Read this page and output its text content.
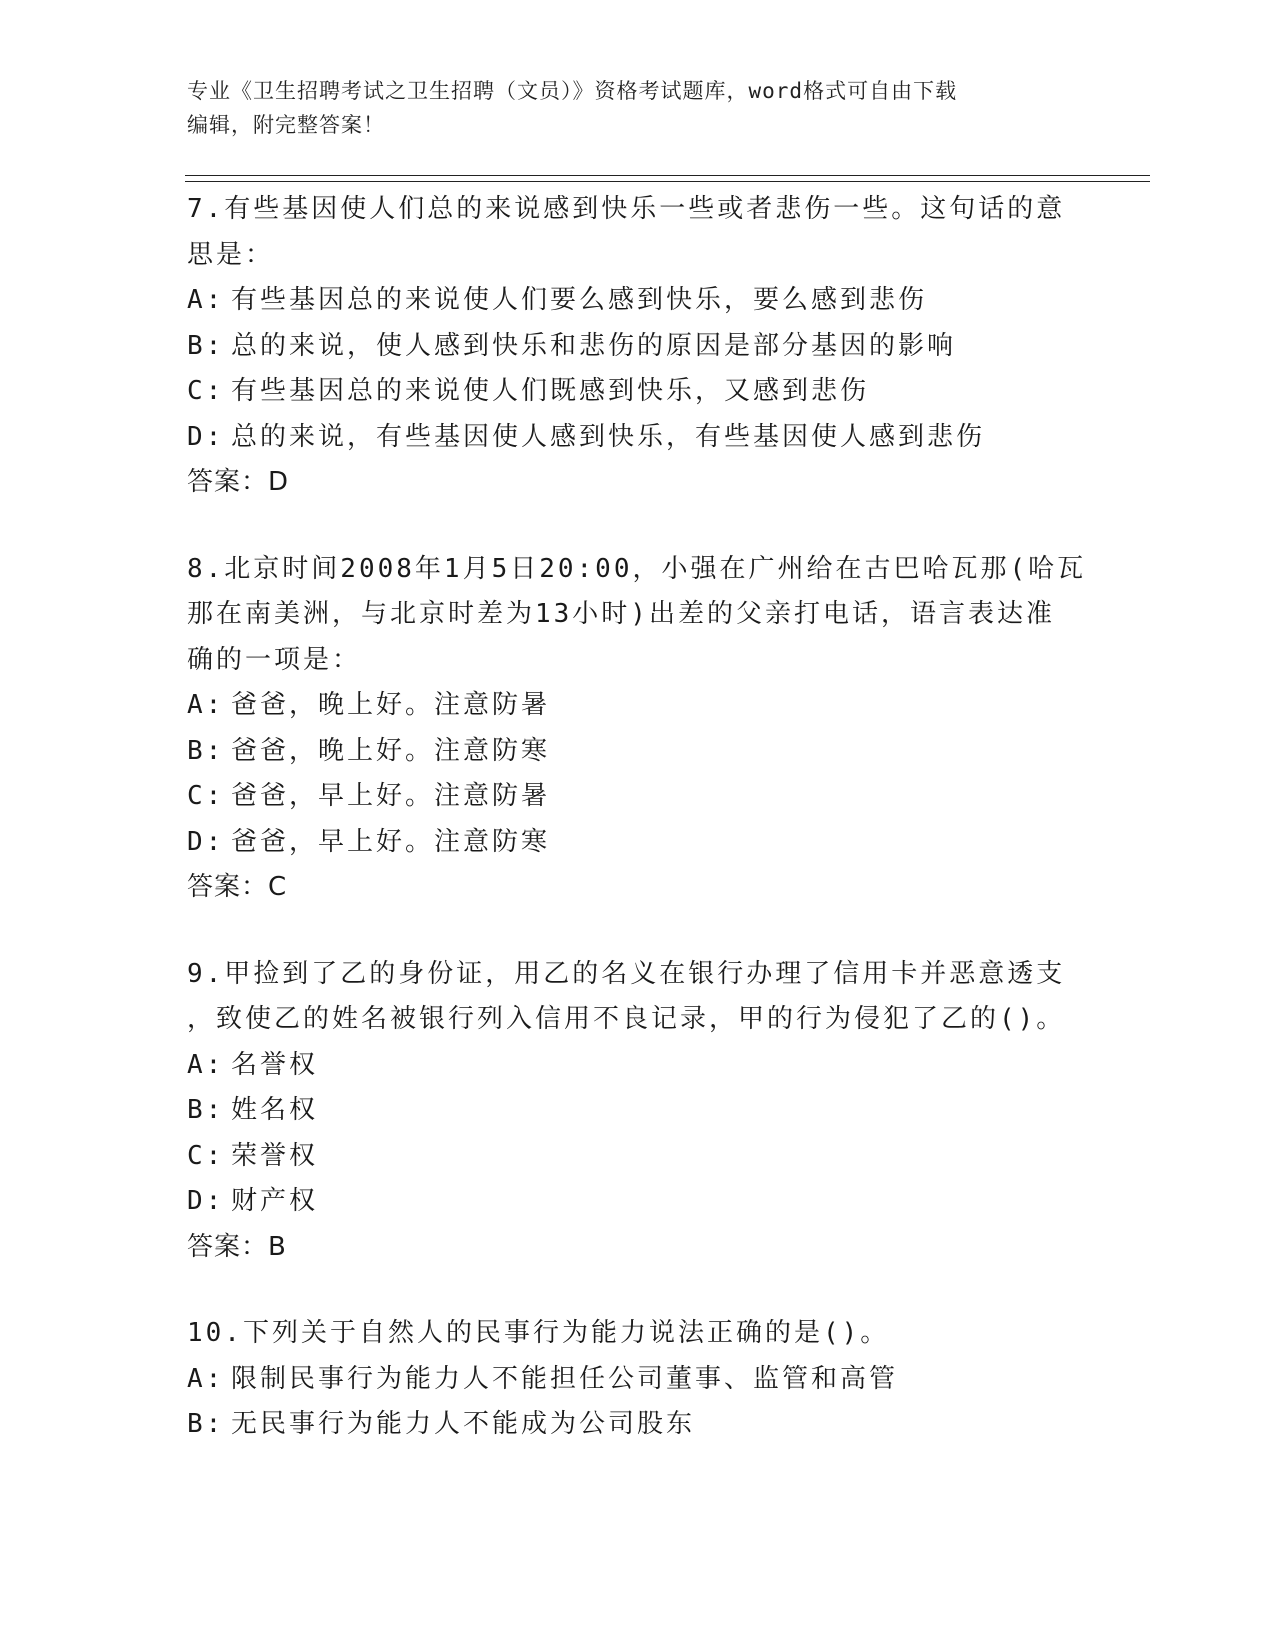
专业《卫生招聘考试之卫生招聘（文员）》资格考试题库，word格式可自由下载
编辑，附完整答案！
7.有些基因使人们总的来说感到快乐一些或者悲伤一些。这句话的意
思是：
A: 有些基因总的来说使人们要么感到快乐，要么感到悲伤
B: 总的来说，使人感到快乐和悲伤的原因是部分基因的影响
C: 有些基因总的来说使人们既感到快乐，又感到悲伤
D: 总的来说，有些基因使人感到快乐，有些基因使人感到悲伤
答案：D
8.北京时间2008年1月5日20:00，小强在广州给在古巴哈瓦那(哈瓦
那在南美洲，与北京时差为13小时)出差的父亲打电话，语言表达准
确的一项是：
A: 爸爸，晚上好。注意防暑
B: 爸爸，晚上好。注意防寒
C: 爸爸，早上好。注意防暑
D: 爸爸，早上好。注意防寒
答案：C
9.甲捡到了乙的身份证，用乙的名义在银行办理了信用卡并恶意透支
，致使乙的姓名被银行列入信用不良记录，甲的行为侵犯了乙的()。
A: 名誉权
B: 姓名权
C: 荣誉权
D: 财产权
答案：B
10.下列关于自然人的民事行为能力说法正确的是()。
A: 限制民事行为能力人不能担任公司董事、监管和高管
B: 无民事行为能力人不能成为公司股东
